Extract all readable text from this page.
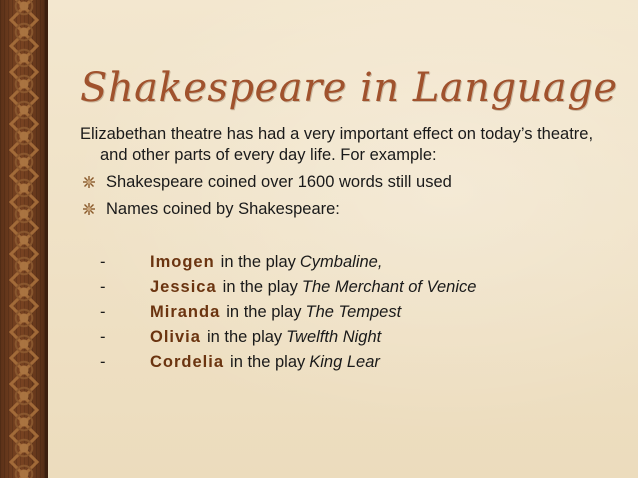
Shakespeare in Language

Elizabethan theatre has had a very important effect on today’s theatre, and other parts of every day life. For example:

Shakespeare coined over 1600 words still used
Names coined by Shakespeare:
-	Imogen in the play Cymbaline,
-	Jessica in the play The Merchant of Venice
-	Miranda in the play The Tempest
-	Olivia in the play Twelfth Night
-	Cordelia in the play King Lear
